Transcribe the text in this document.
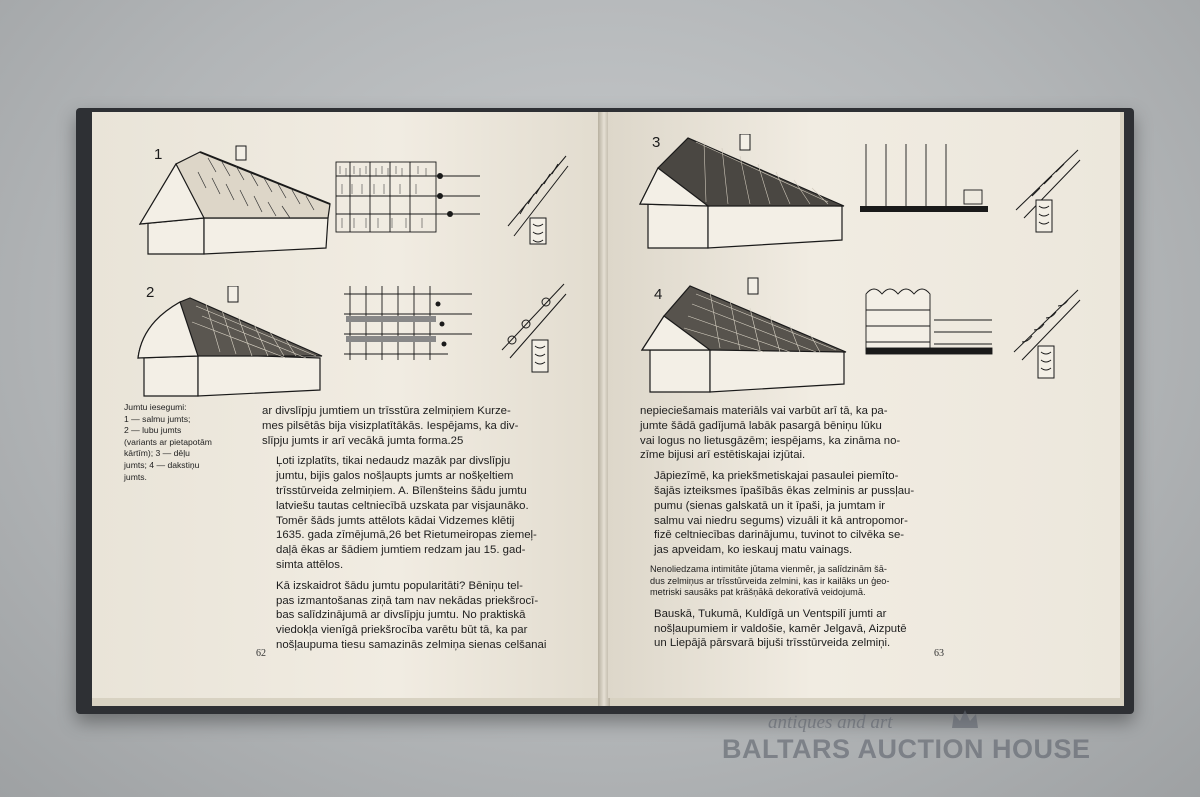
1
2

Jumtu iesegumi:
1 — salmu jumts;
2 — lubu jumts
(variants ar pietapotām
kārtīm); 3 — dēļu
jumts; 4 — dakstiņu
jumts.

ar divslīpju jumtiem un trīsstūra zelmiņiem Kurze-
mes pilsētās bija visizplatītākās. Iespējams, ka div-
slīpju jumts ir arī vecākā jumta forma.25

Ļoti izplatīts, tikai nedaudz mazāk par divslīpju
jumtu, bijis galos nošļaupts jumts ar nošķeltiem
trīsstūrveida zelmiņiem. A. Bīlenšteins šādu jumtu
latviešu tautas celtniecībā uzskata par visjaunāko.
Tomēr šāds jumts attēlots kādai Vidzemes klētij
1635. gada zīmējumā,26 bet Rietumeiropas ziemeļ-
daļā ēkas ar šādiem jumtiem redzam jau 15. gad-
simta attēlos.

Kā izskaidrot šādu jumtu popularitāti? Bēniņu tel-
pas izmantošanas ziņā tam nav nekādas priekšrocī-
bas salīdzinājumā ar divslīpju jumtu. No praktiskā
viedokļa vienīgā priekšrocība varētu būt tā, ka par
nošļaupuma tiesu samazinās zelmiņa sienas celšanai

62
3
4

nepieciešamais materiāls vai varbūt arī tā, ka pa-
jumte šādā gadījumā labāk pasargā bēniņu lūku
vai logus no lietusgāzēm; iespējams, ka zināma no-
zīme bijusi arī estētiskajai izjūtai.

Jāpiezīmē, ka priekšmetiskajai pasaulei piemīto-
šajās izteiksmes īpašībās ēkas zelminis ar pussļau-
pumu (sienas galskatā un it īpaši, ja jumtam ir
salmu vai niedru segums) vizuāli it kā antropomor-
fizē celtniecības darinājumu, tuvinot to cilvēka se-
jas apveidam, ko ieskauj matu vainags.

Nenoliedzama intimitāte jūtama vienmēr, ja salīdzinām šā-
dus zelmiņus ar trīsstūrveida zelmini, kas ir kailāks un ģeo-
metriski sausāks pat krāšņākā dekoratīvā veidojumā.

Bauskā, Tukumā, Kuldīgā un Ventspilī jumti ar
nošļaupumiem ir valdošie, kamēr Jelgavā, Aizputē
un Liepājā pārsvarā bijuši trīsstūrveida zelmiņi.

63
antiques and art
BALTARS AUCTION HOUSE
